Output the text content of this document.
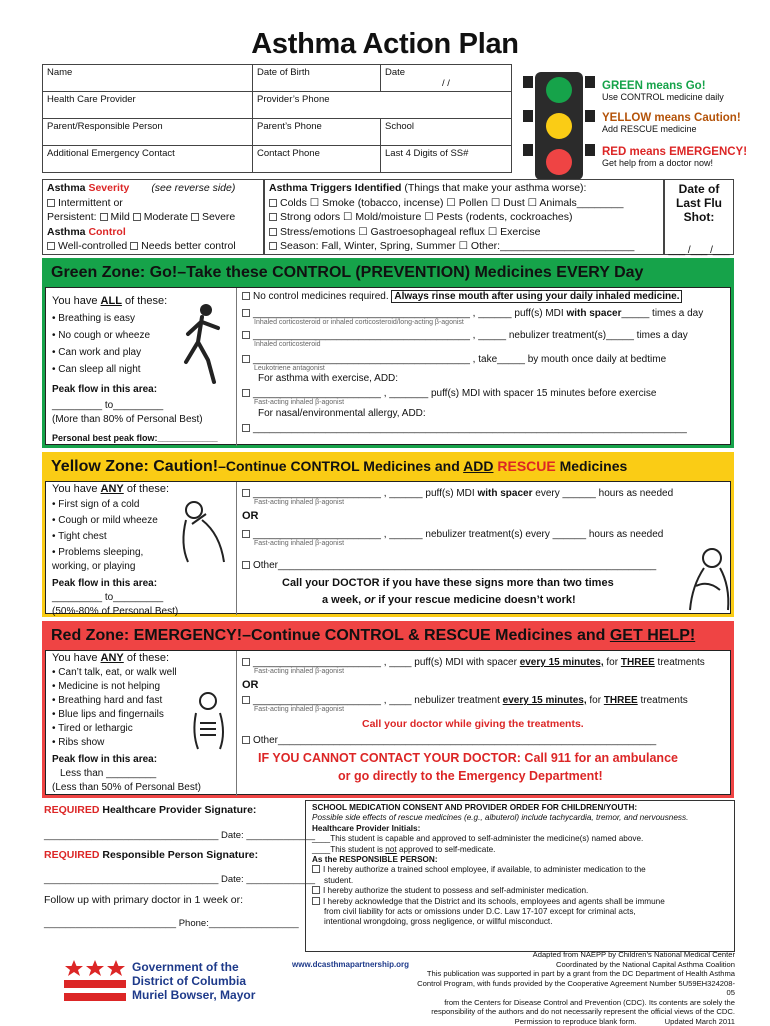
Asthma Action Plan
Name	Date of Birth	Date
/ /

Health Care Provider	Provider’s Phone	
Parent/Responsible Person	Parent’s Phone	School
Additional Emergency Contact	Contact Phone	Last 4 Digits of SS#
GREEN means Go!
Use CONTROL medicine daily
YELLOW means Caution!
Add RESCUE medicine
RED means EMERGENCY!
Get help from a doctor now!
Asthma Severity (see reverse side)
Intermittent or
Persistent: Mild Moderate Severe
Asthma Control
Well-controlled Needs better control
Asthma Triggers Identified (Things that make your asthma worse):
Colds ☐ Smoke (tobacco, incense) ☐ Pollen ☐ Dust ☐ Animals________
Strong odors ☐ Mold/moisture ☐ Pests (rodents, cockroaches)
Stress/emotions ☐ Gastroesophageal reflux ☐ Exercise
Season: Fall, Winter, Spring, Summer ☐ Other:_______________________
Date of
Last Flu
Shot:
___ /___ /___
Green Zone: Go!–Take these CONTROL (PREVENTION) Medicines EVERY Day
You have ALL of these:
• Breathing is easy
• No cough or wheeze
• Can work and play
• Can sleep all night
Peak flow in this area:
_________ to_________
(More than 80% of Personal Best)
Personal best peak flow:____________
No control medicines required. Always rinse mouth after using your daily inhaled medicine.
_______________________________________ , ______ puff(s) MDI with spacer_____ times a day
Inhaled corticosteroid or inhaled corticosteroid/long-acting β-agonist
_______________________________________ , _____ nebulizer treatment(s)_____ times a day
Inhaled corticosteroid
_______________________________________ , take_____ by mouth once daily at bedtime
Leukotriene antagonist
For asthma with exercise, ADD:
_______________________ , _______ puff(s) MDI with spacer 15 minutes before exercise
Fast-acting inhaled β-agonist
For nasal/environmental allergy, ADD:
______________________________________________________________________________
Yellow Zone: Caution!–Continue CONTROL Medicines and ADD RESCUE Medicines
You have ANY of these:
• First sign of a cold
• Cough or mild wheeze
• Tight chest
• Problems sleeping,
working, or playing
Peak flow in this area:
_________ to_________
(50%-80% of Personal Best)
_______________________ , ______ puff(s) MDI with spacer every ______ hours as needed
Fast-acting inhaled β-agonist
OR
_______________________ , ______ nebulizer treatment(s) every ______ hours as needed
Fast-acting inhaled β-agonist
Other____________________________________________________________________
Call your DOCTOR if you have these signs more than two times
a week, or if your rescue medicine doesn’t work!
Red Zone: EMERGENCY!–Continue CONTROL & RESCUE Medicines and GET HELP!
You have ANY of these:
• Can’t talk, eat, or walk well
• Medicine is not helping
• Breathing hard and fast
• Blue lips and fingernails
• Tired or lethargic
• Ribs show
Peak flow in this area:
Less than _________
(Less than 50% of Personal Best)
_______________________ , ____ puff(s) MDI with spacer every 15 minutes, for THREE treatments
Fast-acting inhaled β-agonist
OR
_______________________ , ____ nebulizer treatment every 15 minutes, for THREE treatments
Fast-acting inhaled β-agonist
Call your doctor while giving the treatments.
Other____________________________________________________________________
IF YOU CANNOT CONTACT YOUR DOCTOR: Call 911 for an ambulance
or go directly to the Emergency Department!
REQUIRED Healthcare Provider Signature:
_________________________________ Date: _____________
REQUIRED Responsible Person Signature:
_________________________________ Date: _____________
Follow up with primary doctor in 1 week or:
_________________________ Phone:_________________
SCHOOL MEDICATION CONSENT AND PROVIDER ORDER FOR CHILDREN/YOUTH:
Possible side effects of rescue medicines (e.g., albuterol) include tachycardia, tremor, and nervousness.
Healthcare Provider Initials:
____This student is capable and approved to self-administer the medicine(s) named above.
____This student is not approved to self-medicate.
As the RESPONSIBLE PERSON:
I hereby authorize a trained school employee, if available, to administer medication to the
student.
I hereby authorize the student to possess and self-administer medication.
I hereby acknowledge that the District and its schools, employees and agents shall be immune
from civil liability for acts or omissions under D.C. Law 17-107 except for criminal acts,
intentional wrongdoing, gross negligence, or willful misconduct.
Government of the
District of Columbia
Muriel Bowser, Mayor
www.dcasthmapartnership.org
Adapted from NAEPP by Children’s National Medical Center
Coordinated by the National Capital Asthma Coalition
This publication was supported in part by a grant from the DC Department of Health Asthma
Control Program, with funds provided by the Cooperative Agreement Number 5U59EH324208-05
from the Centers for Disease Control and Prevention (CDC). Its contents are solely the
responsibility of the authors and do not necessarily represent the official views of the CDC.
Permission to reproduce blank form.	Updated March 2011
